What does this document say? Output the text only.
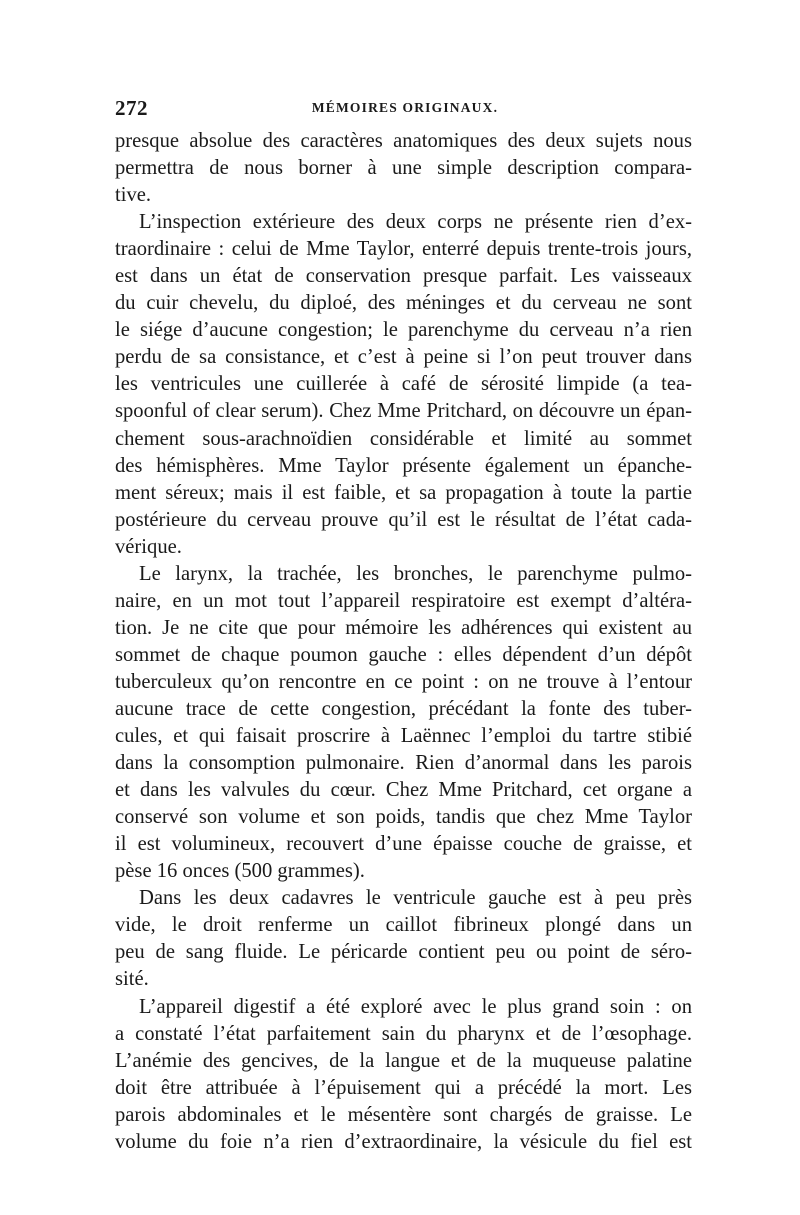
272	MÉMOIRES ORIGINAUX.
presque absolue des caractères anatomiques des deux sujets nous
permettra de nous borner à une simple description compara-
tive.
L’inspection extérieure des deux corps ne présente rien d’ex-
traordinaire : celui de Mme Taylor, enterré depuis trente-trois jours,
est dans un état de conservation presque parfait. Les vaisseaux
du cuir chevelu, du diploé, des méninges et du cerveau ne sont
le siége d’aucune congestion; le parenchyme du cerveau n’a rien
perdu de sa consistance, et c’est à peine si l’on peut trouver dans
les ventricules une cuillerée à café de sérosité limpide (a tea-
spoonful of clear serum). Chez Mme Pritchard, on découvre un épan-
chement sous-arachnoïdien considérable et limité au sommet
des hémisphères. Mme Taylor présente également un épanche-
ment séreux; mais il est faible, et sa propagation à toute la partie
postérieure du cerveau prouve qu’il est le résultat de l’état cada-
vérique.
Le larynx, la trachée, les bronches, le parenchyme pulmo-
naire, en un mot tout l’appareil respiratoire est exempt d’altéra-
tion. Je ne cite que pour mémoire les adhérences qui existent au
sommet de chaque poumon gauche : elles dépendent d’un dépôt
tuberculeux qu’on rencontre en ce point : on ne trouve à l’entour
aucune trace de cette congestion, précédant la fonte des tuber-
cules, et qui faisait proscrire à Laënnec l’emploi du tartre stibié
dans la consomption pulmonaire. Rien d’anormal dans les parois
et dans les valvules du cœur. Chez Mme Pritchard, cet organe a
conservé son volume et son poids, tandis que chez Mme Taylor
il est volumineux, recouvert d’une épaisse couche de graisse, et
pèse 16 onces (500 grammes).
Dans les deux cadavres le ventricule gauche est à peu près
vide, le droit renferme un caillot fibrineux plongé dans un
peu de sang fluide. Le péricarde contient peu ou point de séro-
sité.
L’appareil digestif a été exploré avec le plus grand soin : on
a constaté l’état parfaitement sain du pharynx et de l’œsophage.
L’anémie des gencives, de la langue et de la muqueuse palatine
doit être attribuée à l’épuisement qui a précédé la mort. Les
parois abdominales et le mésentère sont chargés de graisse. Le
volume du foie n’a rien d’extraordinaire, la vésicule du fiel est
